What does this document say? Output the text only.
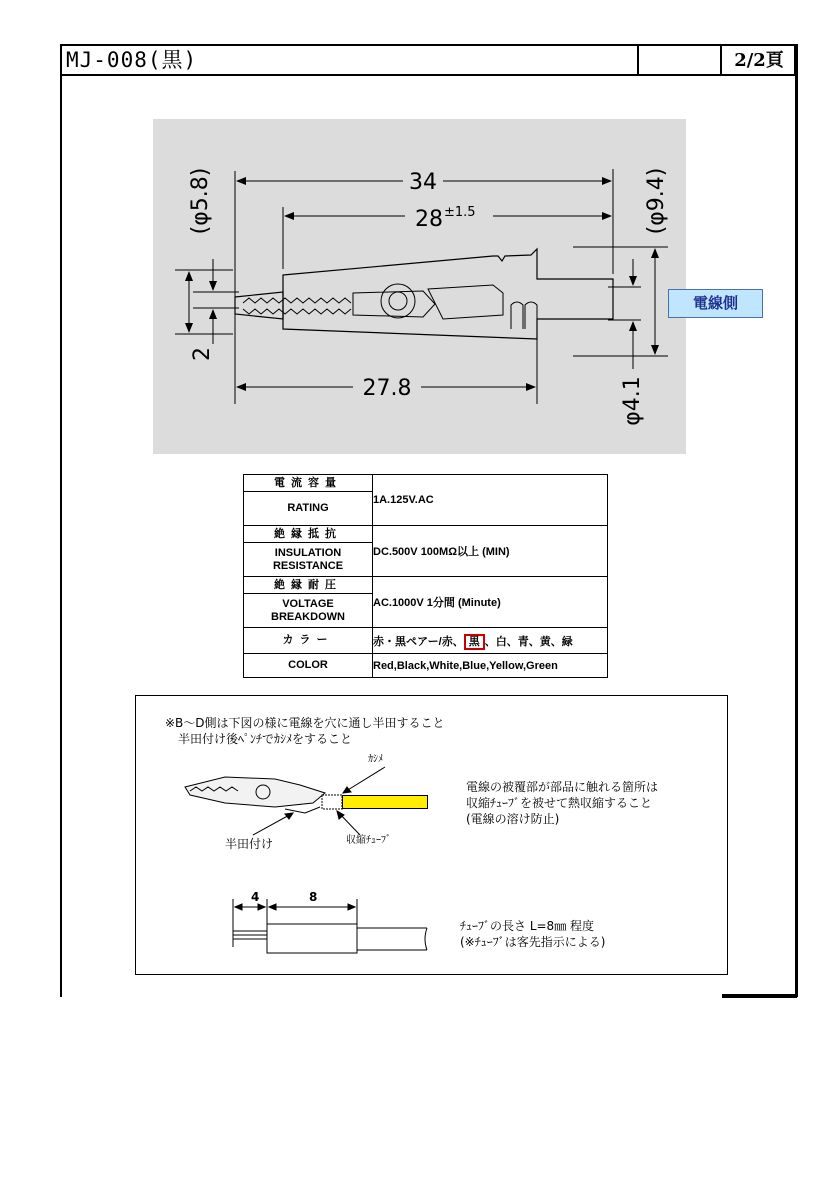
MJ-008(黒)	2/2頁
34
28 ±1.5
27.8
2
(φ5.8)	(φ9.4)
φ4.1
電線側
電流容量	1A.125V.AC
RATING	
絶縁抵抗	DC.500V 100MΩ以上 (MIN)

INSULATION
RESISTANCE	

絶縁耐圧	AC.1000V 1分間 (Minute)

VOLTAGE
BREAKDOWN	

カラー	赤・黒ペアー/赤、 黒 、白、青、黄、緑
COLOR	Red,Black,White,Blue,Yellow,Green
※B～D側は下図の様に電線を穴に通し半田すること
半田付け後ﾍﾟﾝﾁでｶｼﾒをすること
ｶｼﾒ
半田付け	収縮ﾁｭｰﾌﾞ
電線の被覆部が部品に触れる箇所は
収縮ﾁｭｰﾌﾞを被せて熱収縮すること
(電線の溶け防止)
4	8
ﾁｭｰﾌﾞの長さ L=8㎜ 程度
(※ﾁｭｰﾌﾞは客先指示による)
